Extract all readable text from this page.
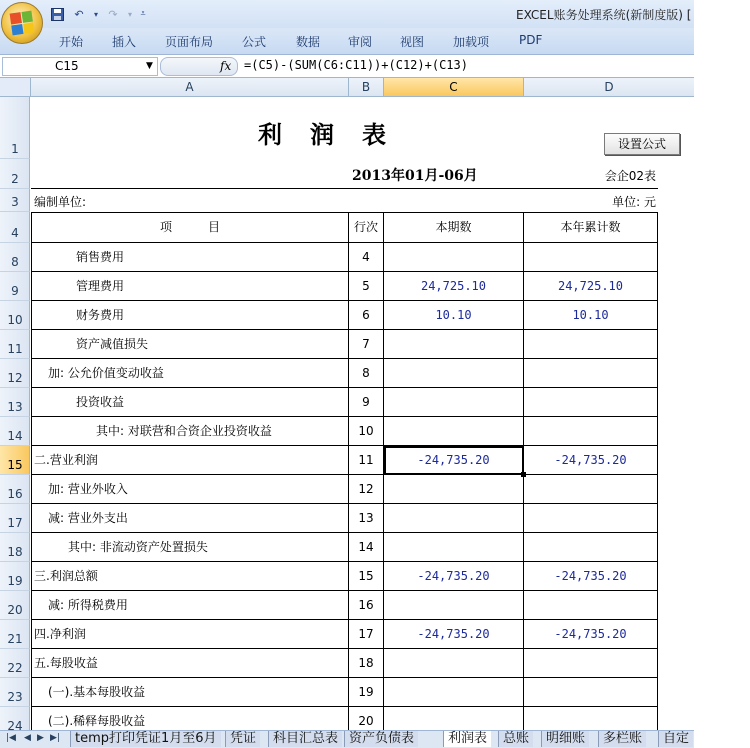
↶	▾ ↷	▾ ⩡	EXCEL账务处理系统(新制度版) [
开始 插入 页面布局 公式 数据 审阅 视图 加载项 PDF
C15	▼	fx =(C5)-(SUM(C6:C11))+(C12)+(C13)
A	B	C	D
1
2
3
4
8
9
10
11
12
13
14
15
16
17
18
19
20
21
22
23
24
利　润　表
2013年01月-06月	会企02表
编制单位:	单位: 元
项　　　目	行次	本期数	本年累计数
销售费用	4
管理费用	5	24,725.10	24,725.10
财务费用	6	10.10	10.10
资产减值损失	7
加: 公允价值变动收益	8
投资收益	9
其中: 对联营和合资企业投资收益	10
二.营业利润	11	-24,735.20	-24,735.20
加: 营业外收入	12
减: 营业外支出	13
其中: 非流动资产处置损失	14
三.利润总额	15	-24,735.20	-24,735.20
减: 所得税费用	16
四.净利润	17	-24,735.20	-24,735.20
五.每股收益	18
(一).基本每股收益	19
(二).稀释每股收益	20
设置公式
|◀ ◀ ▶ ▶|	temp打印凭证1月至6月	凭证	科目汇总表 资产负债表	利润表	总账	明细账	多栏账	自定
